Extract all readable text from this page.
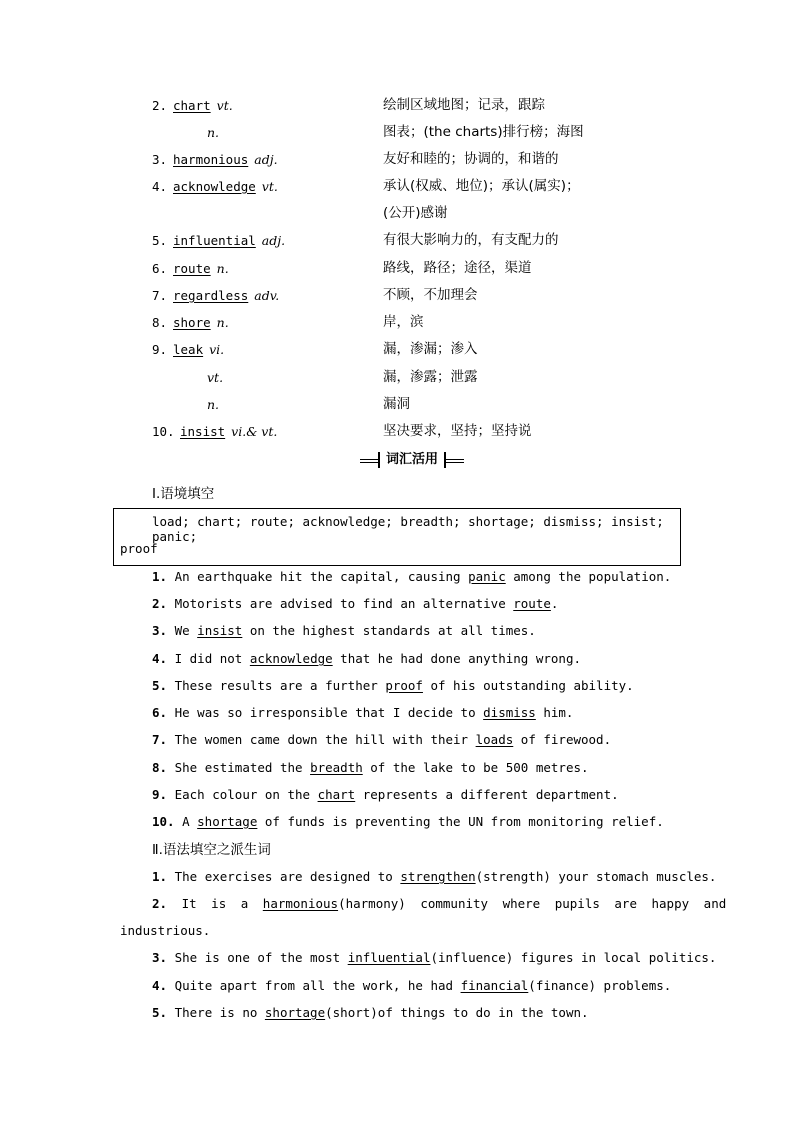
2. chart vt.	绘制区域地图；记录，跟踪
n.	图表；(the charts)排行榜；海图
3. harmonious adj.	友好和睦的；协调的，和谐的
4. acknowledge vt.	承认(权威、地位)；承认(属实)；
(公开)感谢
5. influential adj.	有很大影响力的，有支配力的
6. route n.	路线，路径；途径，渠道
7. regardless adv.	不顾，不加理会
8. shore n.	岸，滨
9. leak vi.	漏，渗漏；渗入
vt.	漏，渗露；泄露
n.	漏洞
10. insist vi.& vt.	坚决要求，坚持；坚持说
词汇活用
Ⅰ.语境填空
load; chart; route; acknowledge; breadth; shortage; dismiss; insist; panic;
proof
1. An earthquake hit the capital, causing panic among the population.
2. Motorists are advised to find an alternative route.
3. We insist on the highest standards at all times.
4. I did not acknowledge that he had done anything wrong.
5. These results are a further proof of his outstanding ability.
6. He was so irresponsible that I decide to dismiss him.
7. The women came down the hill with their loads of firewood.
8. She estimated the breadth of the lake to be 500 metres.
9. Each colour on the chart represents a different department.
10. A shortage of funds is preventing the UN from monitoring relief.
Ⅱ.语法填空之派生词
1. The exercises are designed to strengthen(strength) your stomach muscles.
2. It is a harmonious(harmony) community where pupils are happy and
industrious.
3. She is one of the most influential(influence) figures in local politics.
4. Quite apart from all the work, he had financial(finance) problems.
5. There is no shortage(short)of things to do in the town.
